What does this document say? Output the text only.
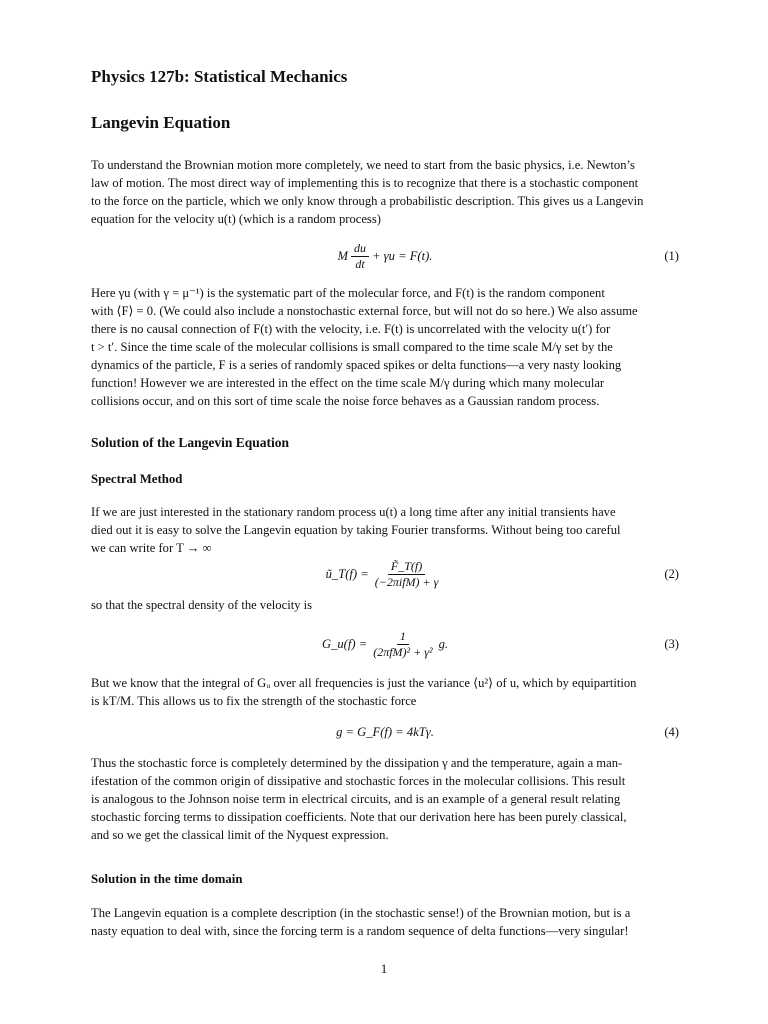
Physics 127b: Statistical Mechanics
Langevin Equation

To understand the Brownian motion more completely, we need to start from the basic physics, i.e. Newton’s
law of motion. The most direct way of implementing this is to recognize that there is a stochastic component
to the force on the particle, which we only know through a probabilistic description. This gives us a Langevin
equation for the velocity u(t) (which is a random process)

M $\frac{du}{dt} + \gamma u = F(t)$.	(1)

Here γu (with γ = μ⁻¹) is the systematic part of the molecular force, and F(t) is the random component
with ⟨F⟩ = 0. (We could also include a nonstochastic external force, but will not do so here.) We also assume
there is no causal connection of F(t) with the velocity, i.e. F(t) is uncorrelated with the velocity u(t′) for
t > t′. Since the time scale of the molecular collisions is small compared to the time scale M/γ set by the
dynamics of the particle, F is a series of randomly spaced spikes or delta functions—a very nasty looking
function! However we are interested in the effect on the time scale M/γ during which many molecular
collisions occur, and on this sort of time scale the noise force behaves as a Gaussian random process.

Solution of the Langevin Equation
Spectral Method

If we are just interested in the stationary random process u(t) a long time after any initial transients have
died out it is easy to solve the Langevin equation by taking Fourier transforms. Without being too careful
we can write for T → ∞

ũ_T(f) = $\frac{F̃\_T(f)}{\text{(−2πifM) + γ}}$	(2)

so that the spectral density of the velocity is

G_u(f) = $\frac{1}{\text{(2πfM)² + γ²}} g$.	(3)

But we know that the integral of Gᵤ over all frequencies is just the variance ⟨u²⟩ of u, which by equipartition
is kT/M. This allows us to fix the strength of the stochastic force

g = G_F(f) = 4kTγ.	(4)

Thus the stochastic force is completely determined by the dissipation γ and the temperature, again a man-
ifestation of the common origin of dissipative and stochastic forces in the molecular collisions. This result
is analogous to the Johnson noise term in electrical circuits, and is an example of a general result relating
stochastic forcing terms to dissipation coefficients. Note that our derivation here has been purely classical,
and so we get the classical limit of the Nyquest expression.

Solution in the time domain

The Langevin equation is a complete description (in the stochastic sense!) of the Brownian motion, but is a
nasty equation to deal with, since the forcing term is a random sequence of delta functions—very singular!

1
